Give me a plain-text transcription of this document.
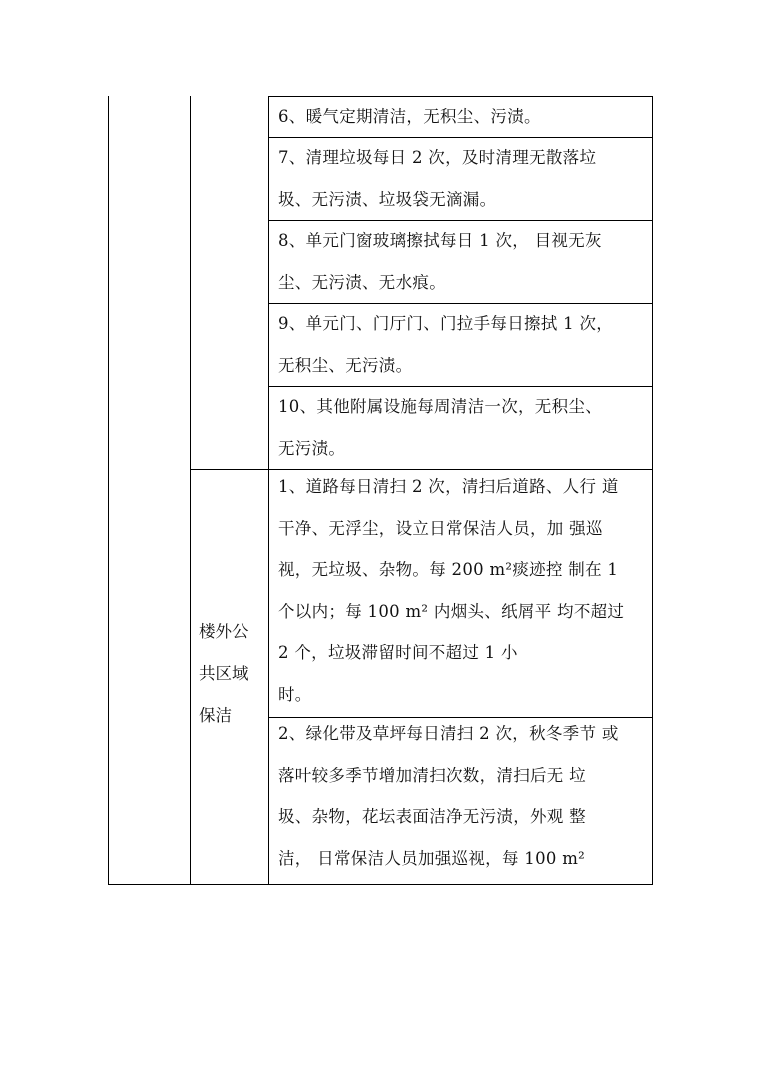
楼外公

共区域

保洁

6、暖气定期清洁，无积尘、污渍。

7、清理垃圾每日 2 次，及时清理无散落垃

圾、无污渍、垃圾袋无滴漏。

8、单元门窗玻璃擦拭每日 1 次， 目视无灰

尘、无污渍、无水痕。

9、单元门、门厅门、门拉手每日擦拭 1 次，

无积尘、无污渍。

10、其他附属设施每周清洁一次，无积尘、

无污渍。

1、道路每日清扫 2 次，清扫后道路、人行 道

干净、无浮尘，设立日常保洁人员，加 强巡

视，无垃圾、杂物。每 200 m²痰迹控 制在 1

个以内；每 100 m² 内烟头、纸屑平 均不超过

2 个，垃圾滞留时间不超过 1 小

时。

2、绿化带及草坪每日清扫 2 次，秋冬季节 或

落叶较多季节增加清扫次数，清扫后无 垃

圾、杂物，花坛表面洁净无污渍，外观 整

洁， 日常保洁人员加强巡视，每 100 m²
